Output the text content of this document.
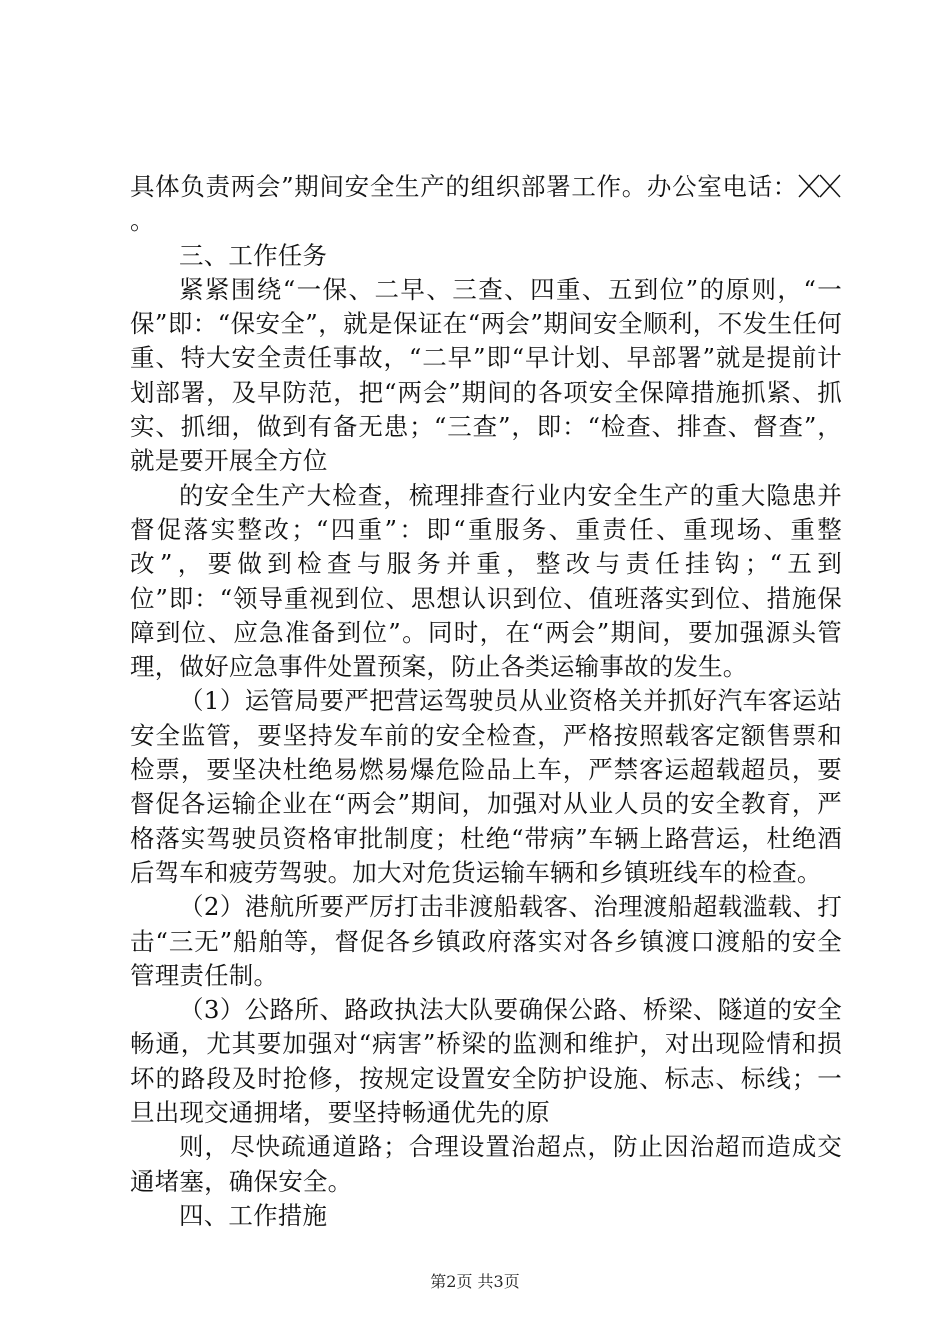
具体负责两会”期间安全生产的组织部署工作。办公室电话：。

三、工作任务

紧紧围绕“一保、二早、三查、四重、五到位”的原则，“一保”即：“保安全”，就是保证在“两会”期间安全顺利，不发生任何重、特大安全责任事故，“二早”即“早计划、早部署”就是提前计划部署，及早防范，把“两会”期间的各项安全保障措施抓紧、抓实、抓细，做到有备无患；“三查”，即：“检查、排查、督查”，就是要开展全方位

的安全生产大检查，梳理排查行业内安全生产的重大隐患并督促落实整改；“四重”：即“重服务、重责任、重现场、重整改”，要做到检查与服务并重，整改与责任挂钩；“五到位”即：“领导重视到位、思想认识到位、值班落实到位、措施保障到位、应急准备到位”。同时，在“两会”期间，要加强源头管理，做好应急事件处置预案，防止各类运输事故的发生。

（1）运管局要严把营运驾驶员从业资格关并抓好汽车客运站安全监管，要坚持发车前的安全检查，严格按照载客定额售票和检票，要坚决杜绝易燃易爆危险品上车，严禁客运超载超员，要督促各运输企业在“两会”期间，加强对从业人员的安全教育，严格落实驾驶员资格审批制度；杜绝“带病”车辆上路营运，杜绝酒后驾车和疲劳驾驶。加大对危货运输车辆和乡镇班线车的检查。

（2）港航所要严厉打击非渡船载客、治理渡船超载滥载、打击“三无”船舶等，督促各乡镇政府落实对各乡镇渡口渡船的安全管理责任制。

（3）公路所、路政执法大队要确保公路、桥梁、隧道的安全畅通，尤其要加强对“病害”桥梁的监测和维护，对出现险情和损坏的路段及时抢修，按规定设置安全防护设施、标志、标线；一旦出现交通拥堵，要坚持畅通优先的原

则，尽快疏通道路；合理设置治超点，防止因治超而造成交通堵塞，确保安全。

四、工作措施

第2页 共3页
